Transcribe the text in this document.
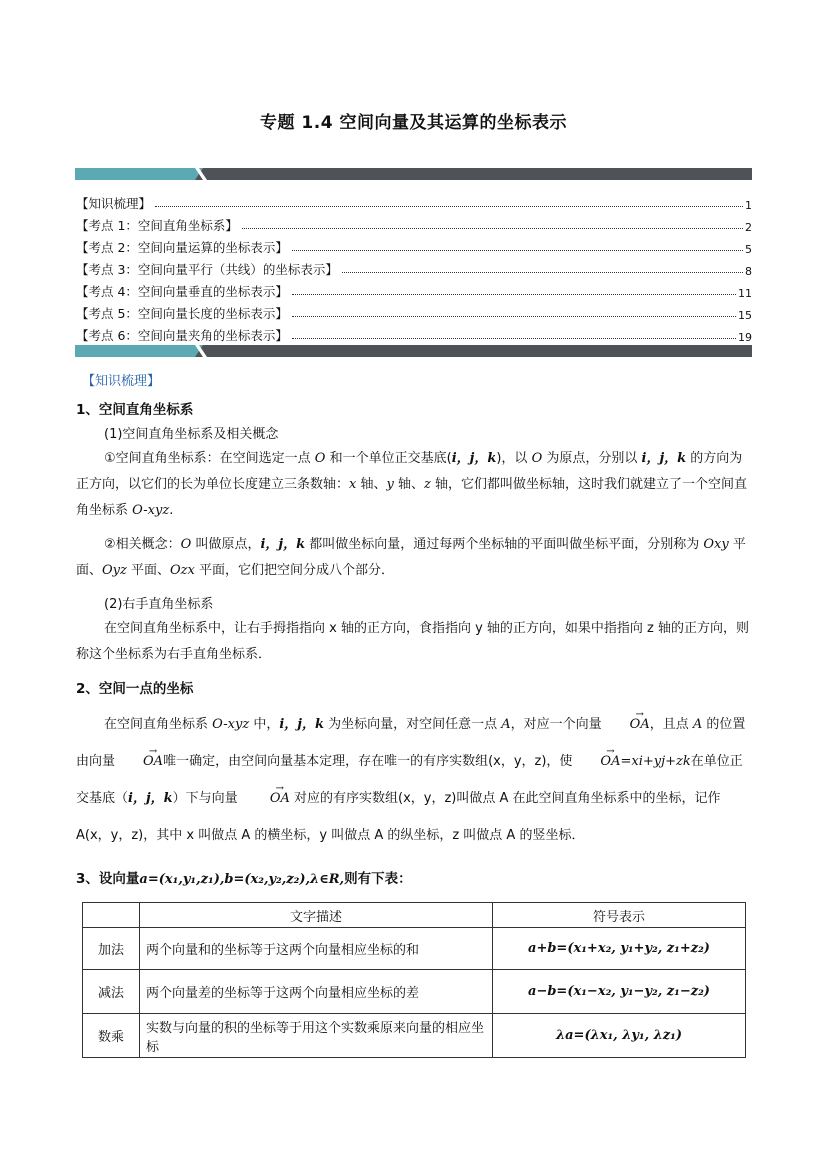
专题 1.4 空间向量及其运算的坐标表示
【知识梳理】	1
【考点 1：空间直角坐标系】	2
【考点 2：空间向量运算的坐标表示】	5
【考点 3：空间向量平行（共线）的坐标表示】	8
【考点 4：空间向量垂直的坐标表示】	11
【考点 5：空间向量长度的坐标表示】	15
【考点 6：空间向量夹角的坐标表示】	19
【知识梳理】
1、空间直角坐标系
(1)空间直角坐标系及相关概念
①空间直角坐标系：在空间选定一点 O 和一个单位正交基底(i，j，k)，以 O 为原点，分别以 i，j，k 的方向为正方向，以它们的长为单位长度建立三条数轴：x 轴、y 轴、z 轴，它们都叫做坐标轴，这时我们就建立了一个空间直角坐标系 O-xyz.
②相关概念：O 叫做原点，i，j，k 都叫做坐标向量，通过每两个坐标轴的平面叫做坐标平面，分别称为 Oxy 平面、Oyz 平面、Ozx 平面，它们把空间分成八个部分．
(2)右手直角坐标系
在空间直角坐标系中，让右手拇指指向 x 轴的正方向，食指指向 y 轴的正方向，如果中指指向 z 轴的正方向，则称这个坐标系为右手直角坐标系．
2、空间一点的坐标
在空间直角坐标系 O-xyz 中，i，j，k 为坐标向量，对空间任意一点 A，对应一个向量 → OA，且点 A 的位置由向量 → OA唯一确定，由空间向量基本定理，存在唯一的有序实数组(x，y，z)，使 → OA=xi+yj+zk在单位正交基底（i，j，k）下与向量 → OA 对应的有序实数组(x，y，z)叫做点 A 在此空间直角坐标系中的坐标，记作 A(x，y，z)，其中 x 叫做点 A 的横坐标，y 叫做点 A 的纵坐标，z 叫做点 A 的竖坐标．
3、设向量a=(x₁,y₁,z₁),b=(x₂,y₂,z₂),λ∈R,则有下表：
	文字描述	符号表示
加法	两个向量和的坐标等于这两个向量相应坐标的和	a+b=(x₁+x₂, y₁+y₂, z₁+z₂)
减法	两个向量差的坐标等于这两个向量相应坐标的差	a−b=(x₁−x₂, y₁−y₂, z₁−z₂)
数乘	实数与向量的积的坐标等于用这个实数乘原来向量的相应坐标	λa=(λx₁, λy₁, λz₁)
